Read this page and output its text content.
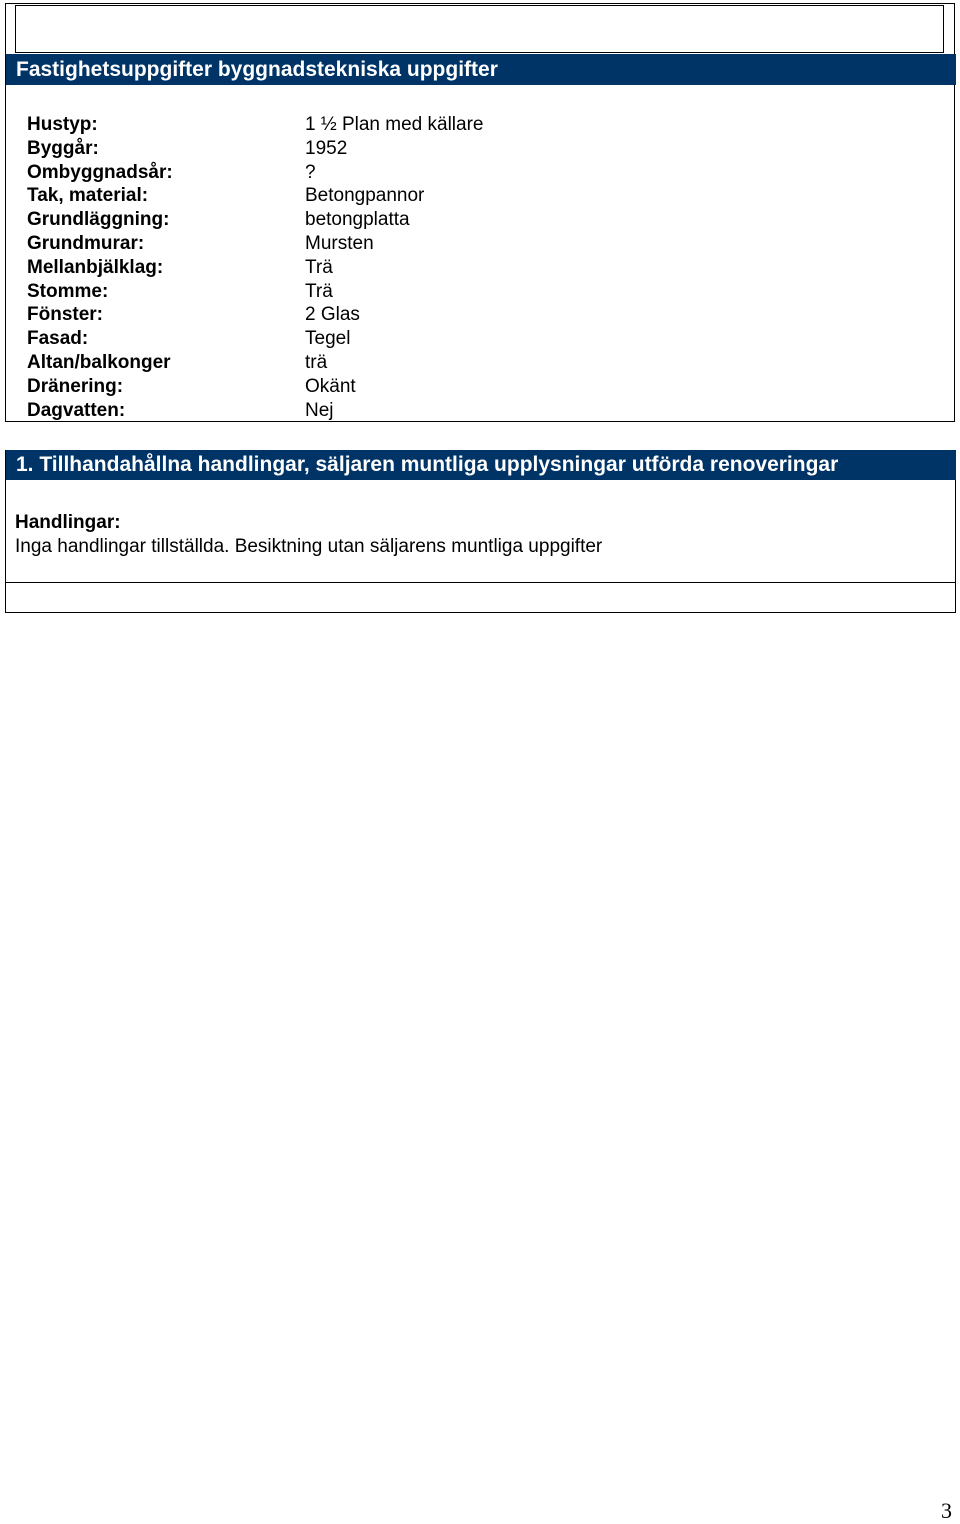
Fastighetsuppgifter byggnadstekniska uppgifter
Hustyp:	1 ½ Plan med källare
Byggår:	1952
Ombyggnadsår:	?
Tak, material:	Betongpannor
Grundläggning:	betongplatta
Grundmurar:	Mursten
Mellanbjälklag:	Trä
Stomme:	Trä
Fönster:	2 Glas
Fasad:	Tegel
Altan/balkonger	trä
Dränering:	Okänt
Dagvatten:	Nej
1. Tillhandahållna handlingar, säljaren muntliga upplysningar utförda renoveringar
Handlingar:
Inga handlingar tillställda. Besiktning utan säljarens muntliga uppgifter
3
